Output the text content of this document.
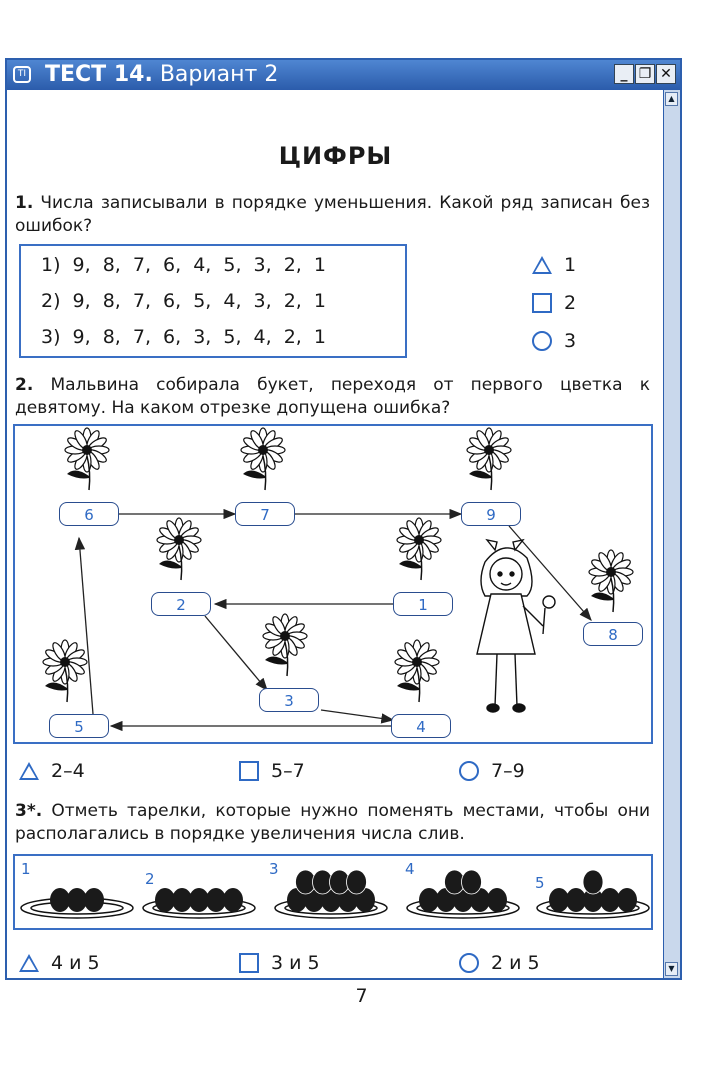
TI ТЕСТ 14. Вариант 2	_ ❐ ✕
▲
▼
ЦИФРЫ
1. Числа записывали в порядке уменьшения. Какой ряд записан без ошибок?
1) 9, 8, 7, 6, 4, 5, 3, 2, 1
2) 9, 8, 7, 6, 5, 4, 3, 2, 1
3) 9, 8, 7, 6, 3, 5, 4, 2, 1
1
2
3
2. Мальвина собирала букет, переходя от первого цветка к девятому. На каком отрезке допущена ошибка?
6	7	9
2	1
8
3
5	4
2–4	5–7	7–9
3*. Отметь тарелки, которые нужно поменять местами, чтобы они располагались в порядке увеличения числа слив.
1
2
3	4
5
4 и 5	3 и 5	2 и 5
7
